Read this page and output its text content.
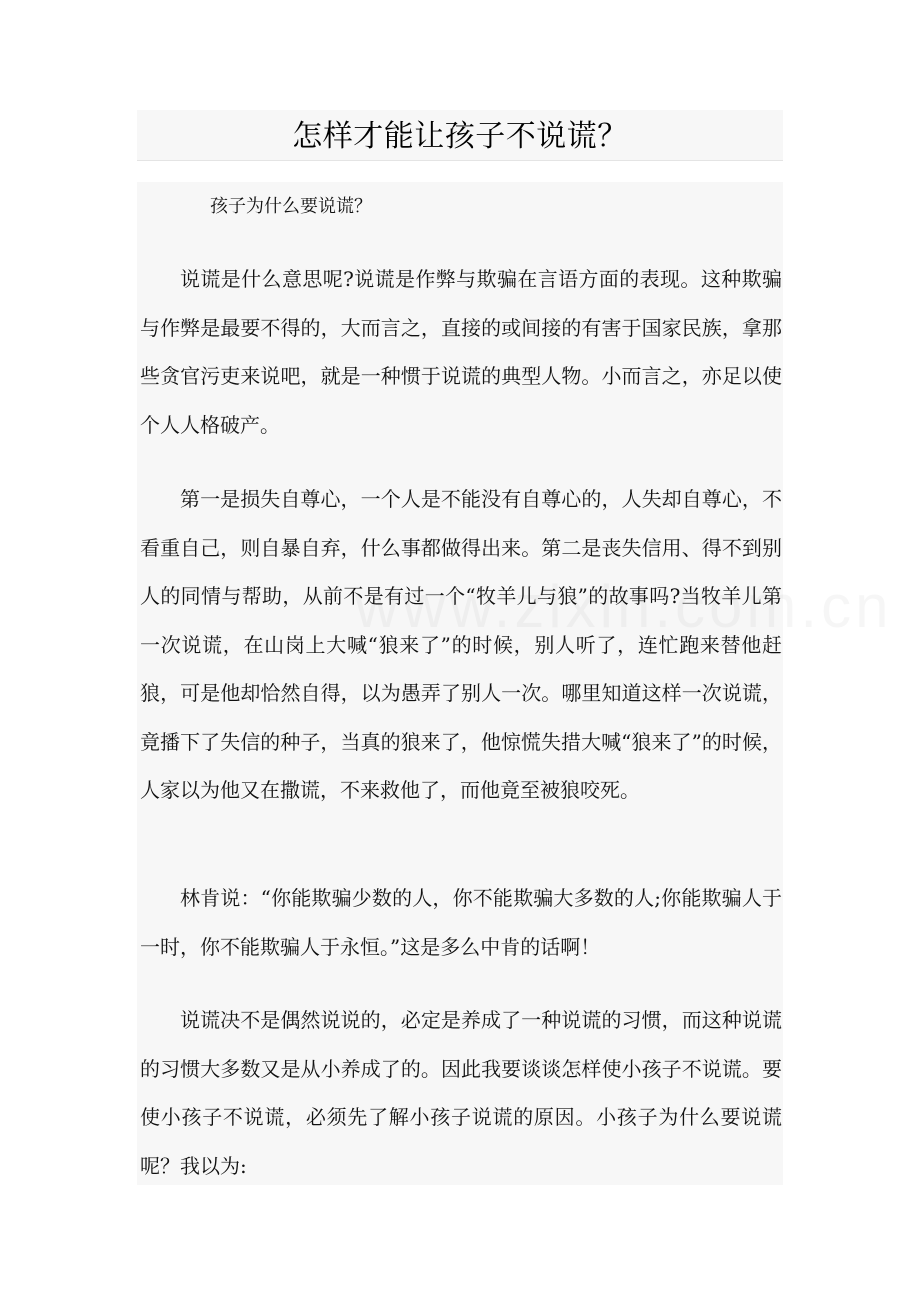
怎样才能让孩子不说谎？
孩子为什么要说谎？

说谎是什么意思呢?说谎是作弊与欺骗在言语方面的表现。这种欺骗与作弊是最要不得的，大而言之，直接的或间接的有害于国家民族，拿那些贪官污吏来说吧，就是一种惯于说谎的典型人物。小而言之，亦足以使个人人格破产。

第一是损失自尊心，一个人是不能没有自尊心的，人失却自尊心，不看重自己，则自暴自弃，什么事都做得出来。第二是丧失信用、得不到别人的同情与帮助，从前不是有过一个“牧羊儿与狼”的故事吗?当牧羊儿第一次说谎，在山岗上大喊“狼来了”的时候，别人听了，连忙跑来替他赶狼，可是他却恰然自得，以为愚弄了别人一次。哪里知道这样一次说谎，竟播下了失信的种子，当真的狼来了，他惊慌失措大喊“狼来了”的时候，人家以为他又在撒谎，不来救他了，而他竟至被狼咬死。

林肯说：“你能欺骗少数的人，你不能欺骗大多数的人;你能欺骗人于一时，你不能欺骗人于永恒。”这是多么中肯的话啊！

说谎决不是偶然说说的，必定是养成了一种说谎的习惯，而这种说谎的习惯大多数又是从小养成了的。因此我要谈谈怎样使小孩子不说谎。要使小孩子不说谎，必须先了解小孩子说谎的原因。小孩子为什么要说谎呢？我以为:
